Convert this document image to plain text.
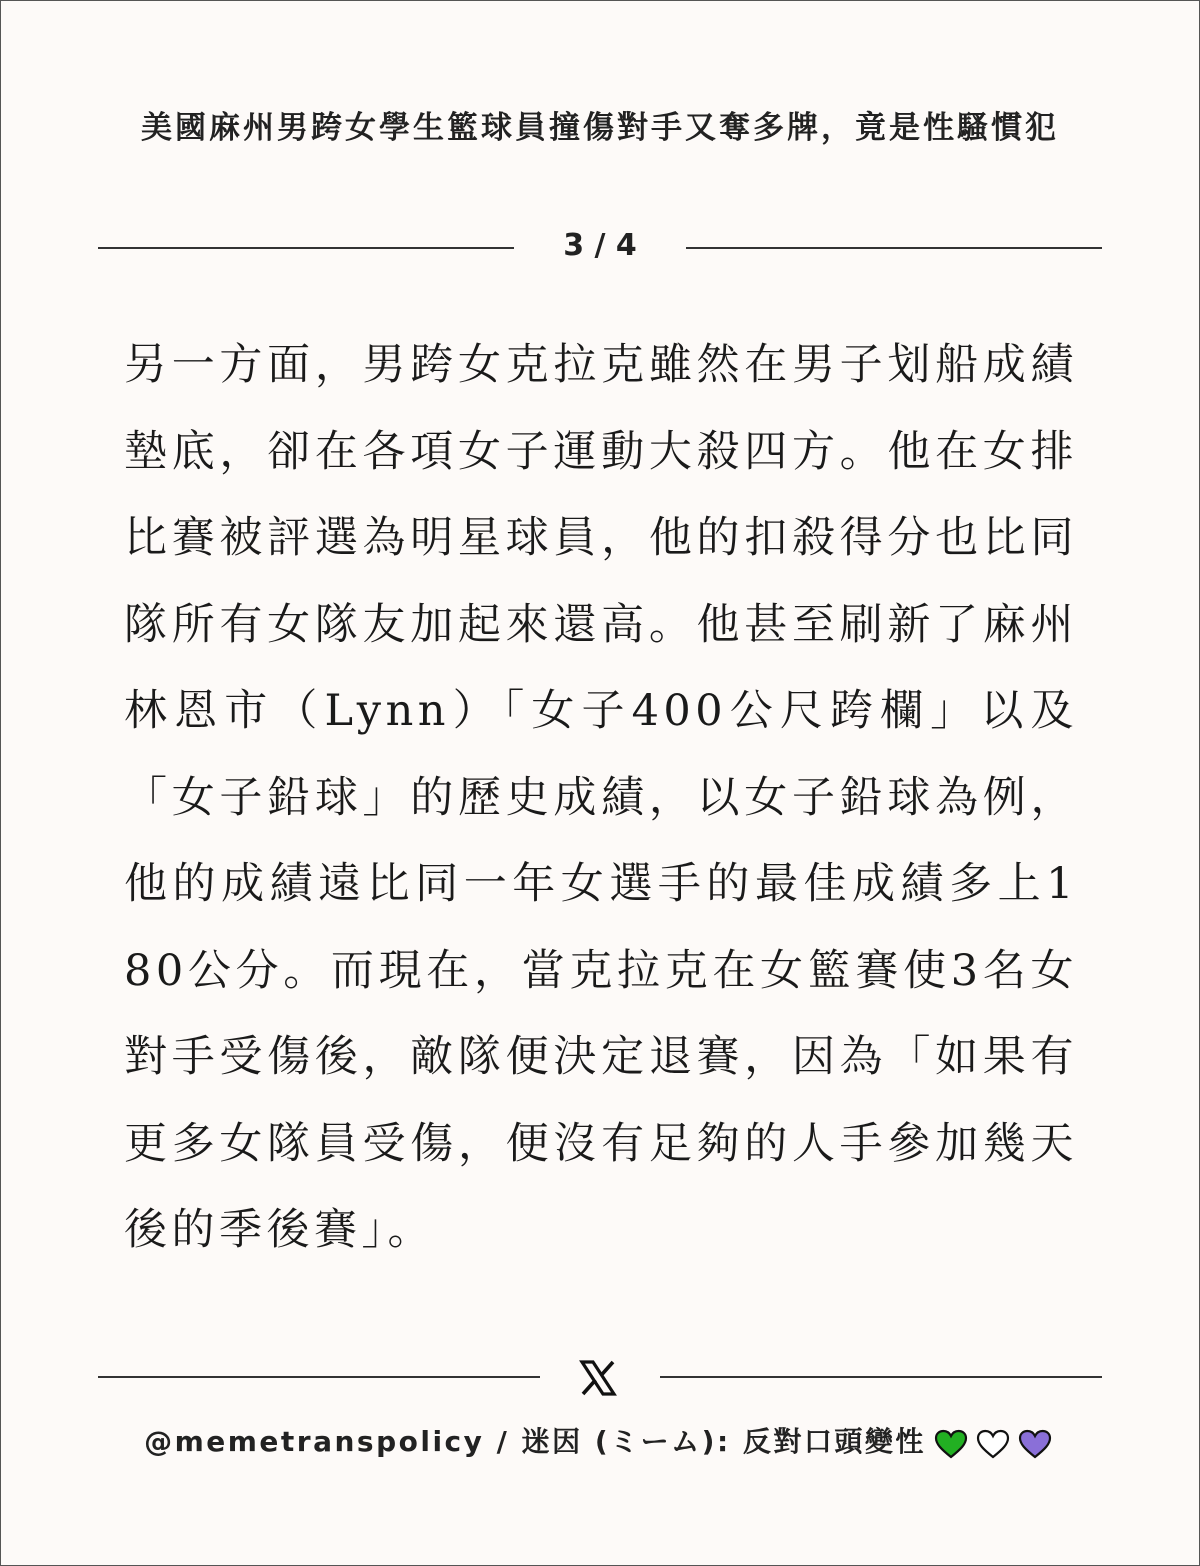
美國麻州男跨女學生籃球員撞傷對手又奪多牌，竟是性騷慣犯
3 / 4
另一方面，男跨女克拉克雖然在男子划船成績墊底，卻在各項女子運動大殺四方。他在女排比賽被評選為明星球員，他的扣殺得分也比同隊所有女隊友加起來還高。他甚至刷新了麻州林恩市（Lynn）「女子400公尺跨欄」以及「女子鉛球」的歷史成績，以女子鉛球為例，他的成績遠比同一年女選手的最佳成績多上180公分。而現在，當克拉克在女籃賽使3名女對手受傷後，敵隊便決定退賽，因為「如果有更多女隊員受傷，便沒有足夠的人手參加幾天後的季後賽」。
@memetranspolicy / 迷因 (ミーム): 反對口頭變性
